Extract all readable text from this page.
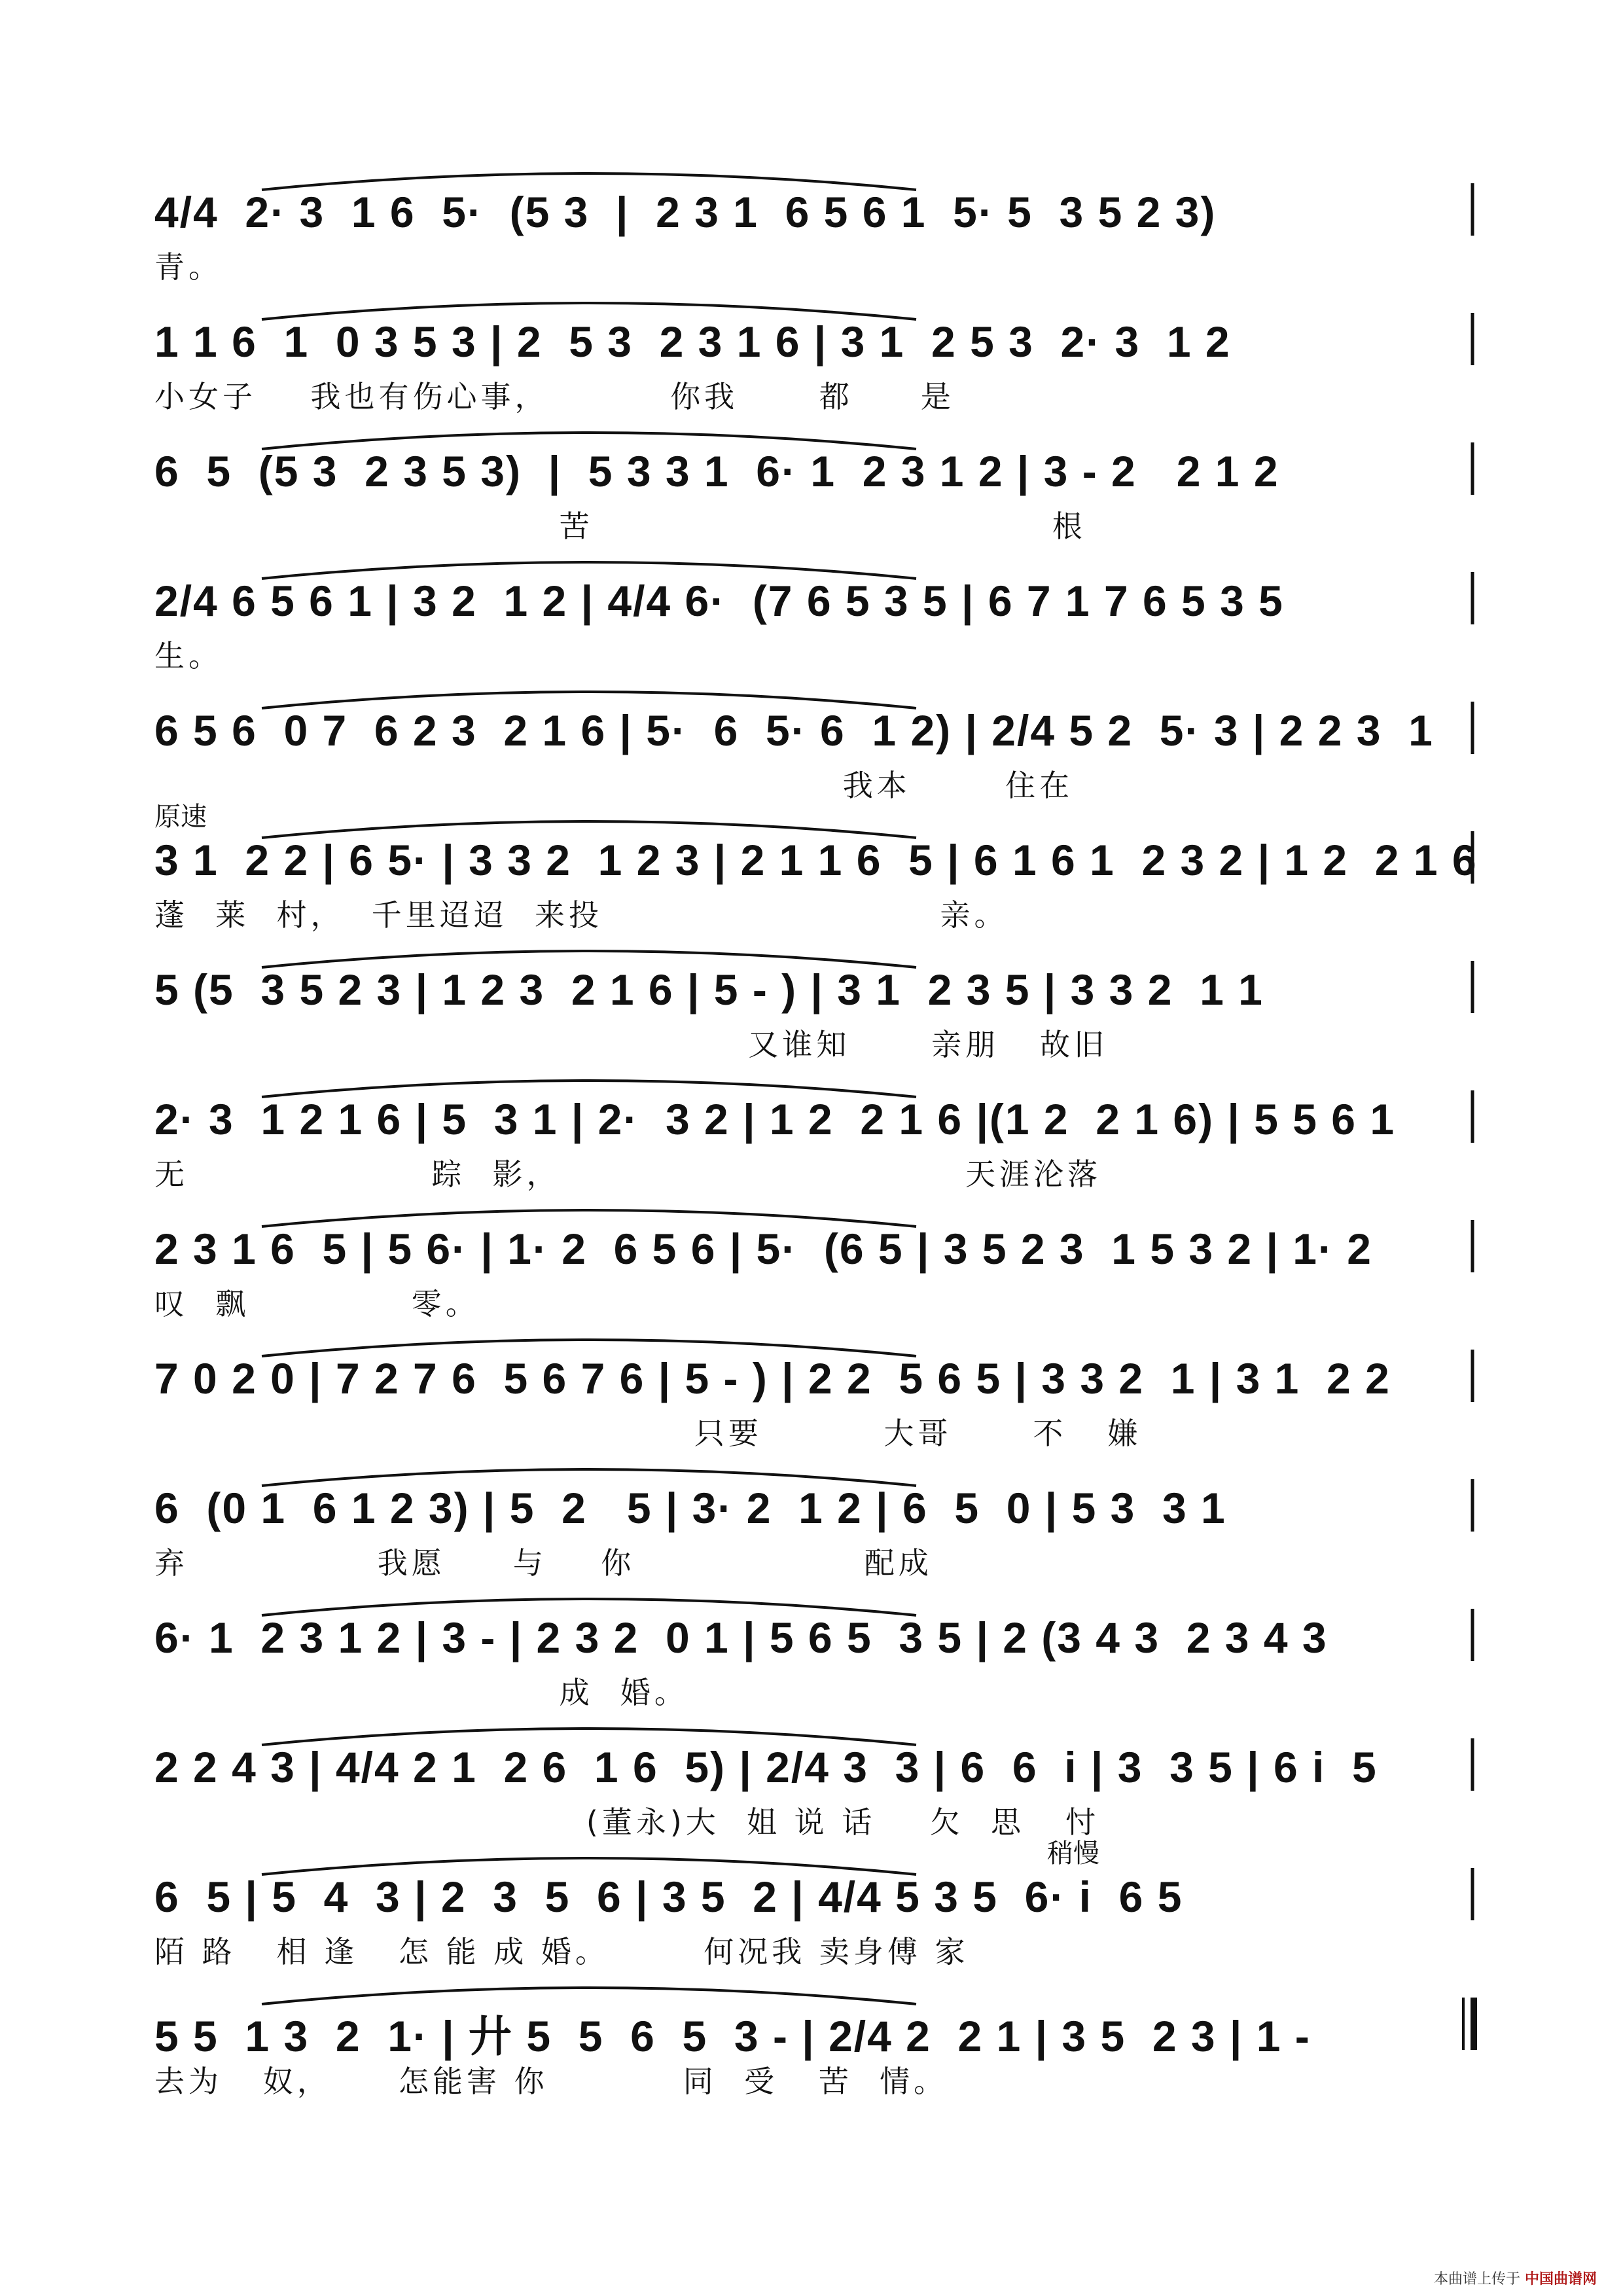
4/4  2· 3  1 6  5·  (5 3  |  2 3 1  6 5 6 1  5· 5  3 5 2 3)
青。
1 1 6  1  0 3 5 3 | 2  5 3  2 3 1 6 | 3 1  2 5 3  2· 3  1 2
小女子    我也有伤心事，         你我      都     是
6  5  (5 3  2 3 5 3)  |  5 3 3 1  6· 1  2 3 1 2 | 3 - 2   2 1 2
苦                                  根
2/4 6 5 6 1 | 3 2  1 2 | 4/4 6·  (7 6 5 3 5 | 6 7 1 7 6 5 3 5
生。
6 5 6  0 7  6 2 3  2 1 6 | 5·  6  5· 6  1 2) | 2/4 5 2  5· 3 | 2 2 3  1
我本       住在
3 1  2 2 | 6 5· | 3 3 2  1 2 3 | 2 1 1 6  5 | 6 1 6 1  2 3 2 | 1 2  2 1 6
蓬  莱  村，  千里迢迢  来投                         亲。
原速
5 (5  3 5 2 3 | 1 2 3  2 1 6 | 5 - ) | 3 1  2 3 5 | 3 3 2  1 1
又谁知      亲朋   故旧
2· 3  1 2 1 6 | 5  3 1 | 2·  3 2 | 1 2  2 1 6 |(1 2  2 1 6) | 5 5 6 1
无                  踪  影，                              天涯沦落
2 3 1 6  5 | 5 6· | 1· 2  6 5 6 | 5·  (6 5 | 3 5 2 3  1 5 3 2 | 1· 2
叹  飘            零。
7 0 2 0 | 7 2 7 6  5 6 7 6 | 5 - ) | 2 2  5 6 5 | 3 3 2  1 | 3 1  2 2
只要         大哥      不   嫌
6  (0 1  6 1 2 3) | 5  2   5 | 3· 2  1 2 | 6  5  0 | 5 3  3 1
弃              我愿     与    你                 配成
6· 1  2 3 1 2 | 3 - | 2 3 2  0 1 | 5 6 5  3 5 | 2 (3 4 3  2 3 4 3
成  婚。
2 2 4 3 | 4/4 2 1  2 6  1 6  5) | 2/4 3  3 | 6  6  i | 3  3 5 | 6 i  5
(董永)大  姐 说 话    欠  思   忖
6  5 | 5  4  3 | 2  3  5  6 | 3 5  2 | 4/4 5 3 5  6· i  6 5
陌 路   相 逢   怎 能 成 婚。       何况我 卖身傅 家
稍慢
5 5  1 3  2  1· | 廾 5  5  6  5  3 - | 2/4 2  2 1 | 3 5  2 3 | 1 -
去为   奴，     怎能害 你          同  受   苦  情。
本曲谱上传于 中国曲谱网
